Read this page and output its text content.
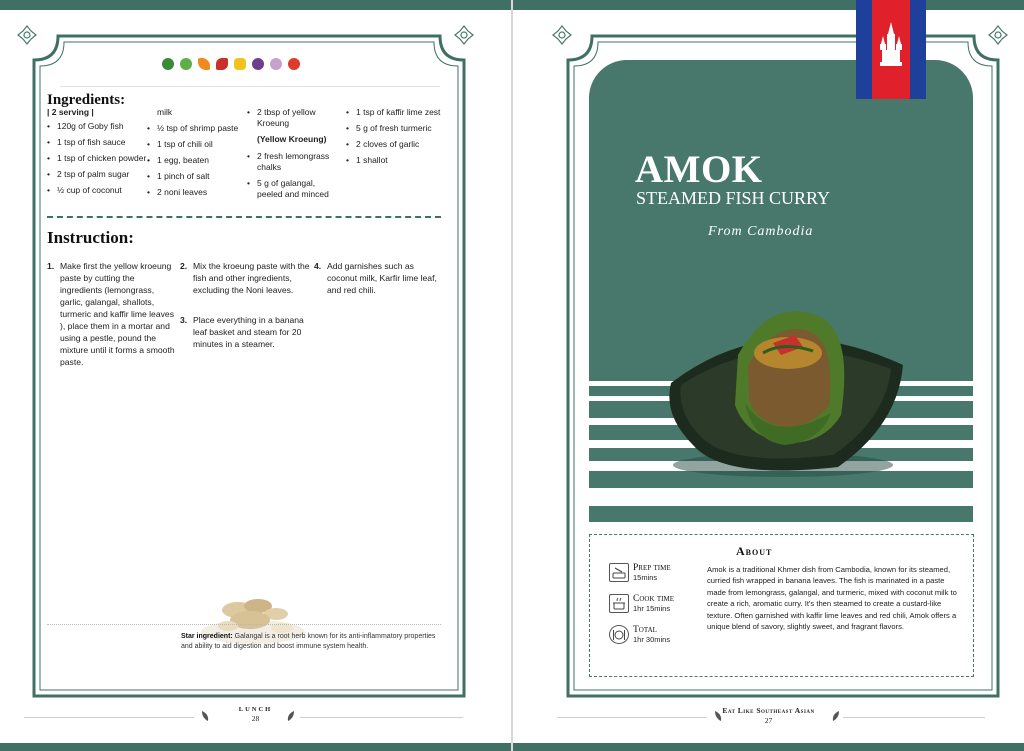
Ingredients:
| 2 serving |
• 120g of Goby fish
• 1 tsp of fish sauce
• 1 tsp of chicken powder
• 2 tsp of palm sugar
• ½ cup of coconut
milk
• ½ tsp of shrimp paste
• 1 tsp of chili oil
• 1 egg, beaten
• 1 pinch of salt
• 2 noni leaves
• 2 tbsp of yellow Kroeung
(Yellow Kroeung)
• 2 fresh lemongrass chalks
• 5 g of galangal, peeled and minced
• 1 tsp of kaffir lime zest
• 5 g of fresh turmeric
• 2 cloves of garlic
• 1 shallot
Instruction:
1. Make first the yellow kroeung paste by cutting the ingredients (lemongrass, garlic, galangal, shallots, turmeric and kaffir lime leaves ), place them in a mortar and using a pestle, pound the mixture until it forms a smooth paste.
2. Mix the kroeung paste with the fish and other ingredients, excluding the Noni leaves.
3. Place everything in a banana leaf basket and steam for 20 minutes in a steamer.
4. Add garnishes such as coconut milk, Karfir lime leaf, and red chili.
Star ingredient: Galangal is a root herb known for its anti-inflammatory properties and ability to aid digestion and boost immune system health.
LUNCH
28
AMOK
STEAMED FISH CURRY
From Cambodia
About
Prep time
15mins
Cook time
1hr 15mins
Total
1hr 30mins
Amok is a traditional Khmer dish from Cambodia, known for its steamed, curried fish wrapped in banana leaves. The fish is marinated in a paste made from lemongrass, galangal, and turmeric, mixed with coconut milk to create a rich, aromatic curry. It's then steamed to create a custard-like texture. Often garnished with kaffir lime leaves and red chili, Amok offers a unique blend of savory, slightly sweet, and fragrant flavors.
Eat Like Southeast Asian
27
